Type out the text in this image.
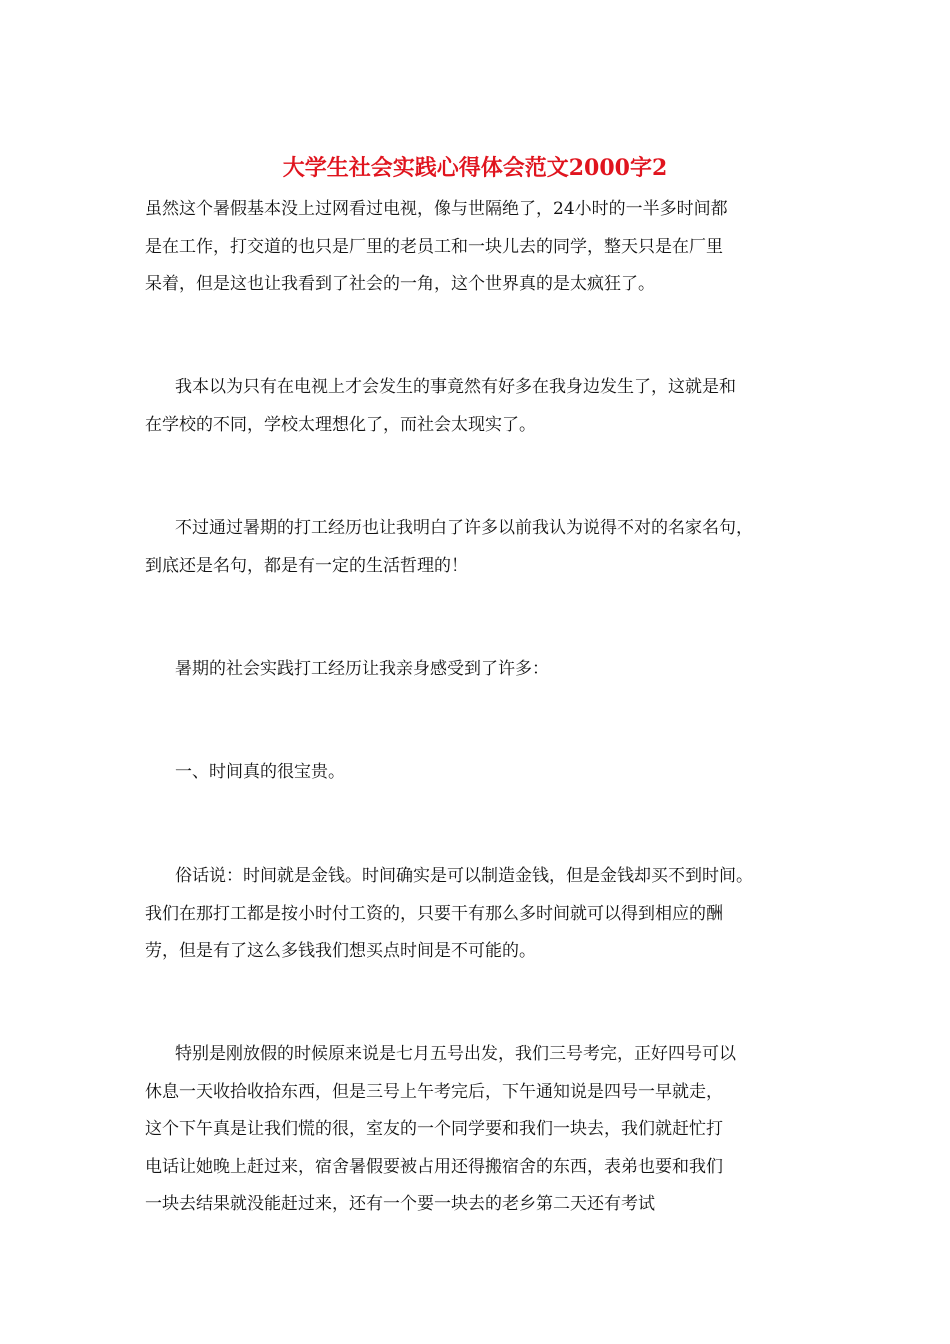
大学生社会实践心得体会范文2000字2
虽然这个暑假基本没上过网看过电视，像与世隔绝了，24小时的一半多时间都
是在工作，打交道的也只是厂里的老员工和一块儿去的同学，整天只是在厂里
呆着，但是这也让我看到了社会的一角，这个世界真的是太疯狂了。
我本以为只有在电视上才会发生的事竟然有好多在我身边发生了，这就是和
在学校的不同，学校太理想化了，而社会太现实了。
不过通过暑期的打工经历也让我明白了许多以前我认为说得不对的名家名句，
到底还是名句，都是有一定的生活哲理的！
暑期的社会实践打工经历让我亲身感受到了许多：
一、时间真的很宝贵。
俗话说：时间就是金钱。时间确实是可以制造金钱，但是金钱却买不到时间。
我们在那打工都是按小时付工资的，只要干有那么多时间就可以得到相应的酬
劳，但是有了这么多钱我们想买点时间是不可能的。
特别是刚放假的时候原来说是七月五号出发，我们三号考完，正好四号可以
休息一天收拾收拾东西，但是三号上午考完后，下午通知说是四号一早就走，
这个下午真是让我们慌的很，室友的一个同学要和我们一块去，我们就赶忙打
电话让她晚上赶过来，宿舍暑假要被占用还得搬宿舍的东西，表弟也要和我们
一块去结果就没能赶过来，还有一个要一块去的老乡第二天还有考试
